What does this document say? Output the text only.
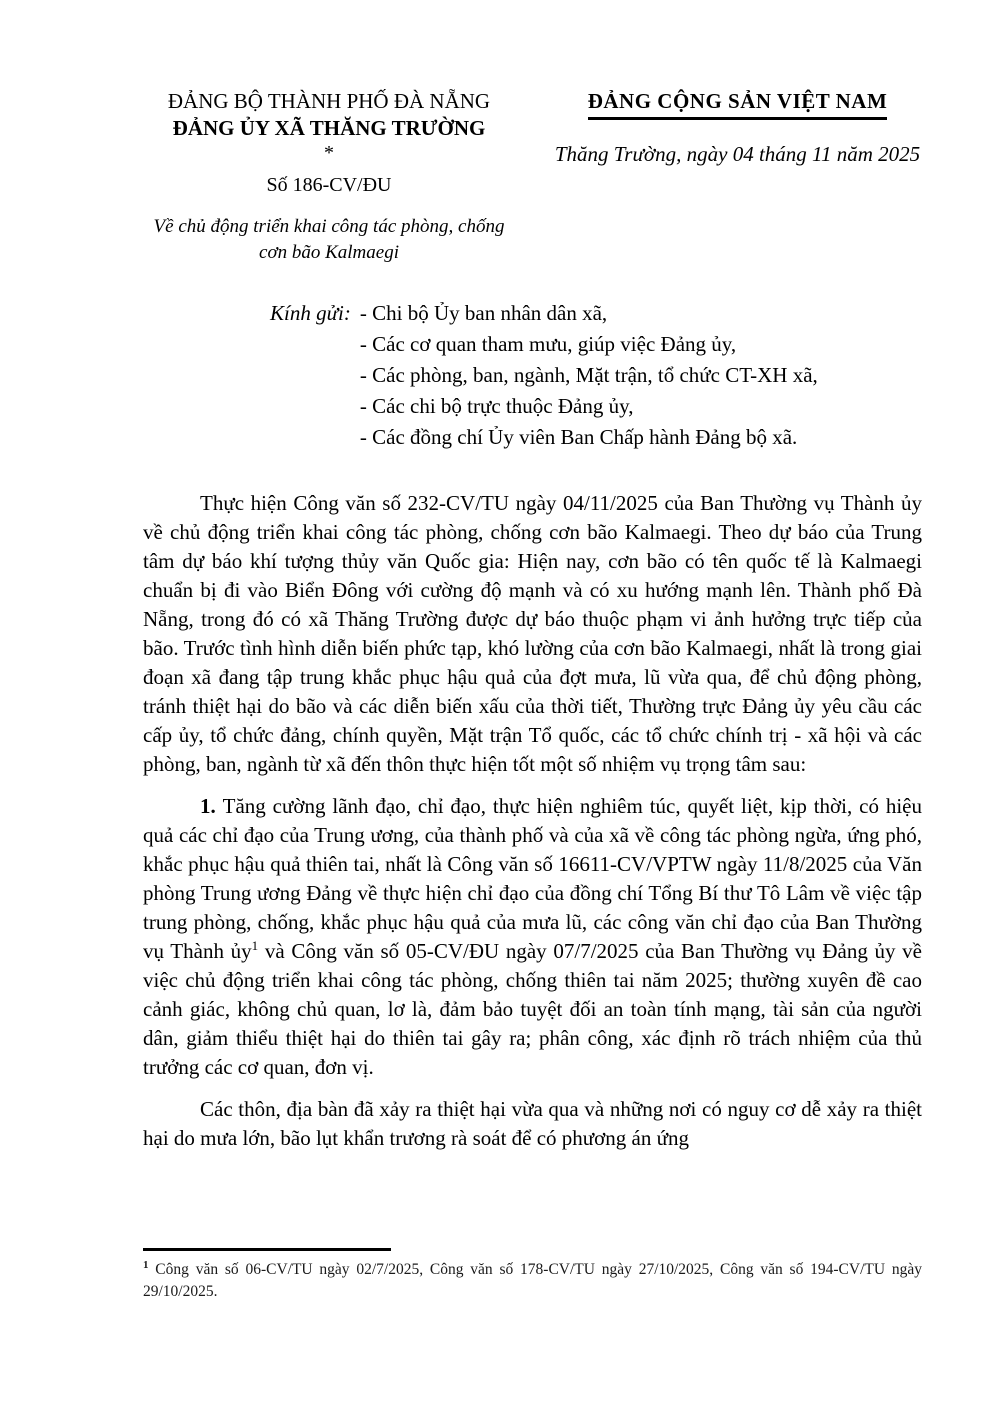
ĐẢNG BỘ THÀNH PHỐ ĐÀ NẴNG
ĐẢNG ỦY XÃ THĂNG TRƯỜNG
*
Số 186-CV/ĐU
Về chủ động triển khai công tác phòng, chống cơn bão Kalmaegi
ĐẢNG CỘNG SẢN VIỆT NAM
Thăng Trường, ngày 04 tháng 11 năm 2025
Kính gửi: - Chi bộ Ủy ban nhân dân xã,
- Các cơ quan tham mưu, giúp việc Đảng ủy,
- Các phòng, ban, ngành, Mặt trận, tổ chức CT-XH xã,
- Các chi bộ trực thuộc Đảng ủy,
- Các đồng chí Ủy viên Ban Chấp hành Đảng bộ xã.

Thực hiện Công văn số 232-CV/TU ngày 04/11/2025 của Ban Thường vụ Thành ủy về chủ động triển khai công tác phòng, chống cơn bão Kalmaegi. Theo dự báo của Trung tâm dự báo khí tượng thủy văn Quốc gia: Hiện nay, cơn bão có tên quốc tế là Kalmaegi chuẩn bị đi vào Biển Đông với cường độ mạnh và có xu hướng mạnh lên. Thành phố Đà Nẵng, trong đó có xã Thăng Trường được dự báo thuộc phạm vi ảnh hưởng trực tiếp của bão. Trước tình hình diễn biến phức tạp, khó lường của cơn bão Kalmaegi, nhất là trong giai đoạn xã đang tập trung khắc phục hậu quả của đợt mưa, lũ vừa qua, để chủ động phòng, tránh thiệt hại do bão và các diễn biến xấu của thời tiết, Thường trực Đảng ủy yêu cầu các cấp ủy, tổ chức đảng, chính quyền, Mặt trận Tổ quốc, các tổ chức chính trị - xã hội và các phòng, ban, ngành từ xã đến thôn thực hiện tốt một số nhiệm vụ trọng tâm sau:

1. Tăng cường lãnh đạo, chỉ đạo, thực hiện nghiêm túc, quyết liệt, kịp thời, có hiệu quả các chỉ đạo của Trung ương, của thành phố và của xã về công tác phòng ngừa, ứng phó, khắc phục hậu quả thiên tai, nhất là Công văn số 16611-CV/VPTW ngày 11/8/2025 của Văn phòng Trung ương Đảng về thực hiện chỉ đạo của đồng chí Tổng Bí thư Tô Lâm về việc tập trung phòng, chống, khắc phục hậu quả của mưa lũ, các công văn chỉ đạo của Ban Thường vụ Thành ủy$^1$ và Công văn số 05-CV/ĐU ngày 07/7/2025 của Ban Thường vụ Đảng ủy về việc chủ động triển khai công tác phòng, chống thiên tai năm 2025; thường xuyên đề cao cảnh giác, không chủ quan, lơ là, đảm bảo tuyệt đối an toàn tính mạng, tài sản của người dân, giảm thiểu thiệt hại do thiên tai gây ra; phân công, xác định rõ trách nhiệm của thủ trưởng các cơ quan, đơn vị.

Các thôn, địa bàn đã xảy ra thiệt hại vừa qua và những nơi có nguy cơ dễ xảy ra thiệt hại do mưa lớn, bão lụt khẩn trương rà soát để có phương án ứng

$^1$ Công văn số 06-CV/TU ngày 02/7/2025, Công văn số 178-CV/TU ngày 27/10/2025, Công văn số 194-CV/TU ngày 29/10/2025.
